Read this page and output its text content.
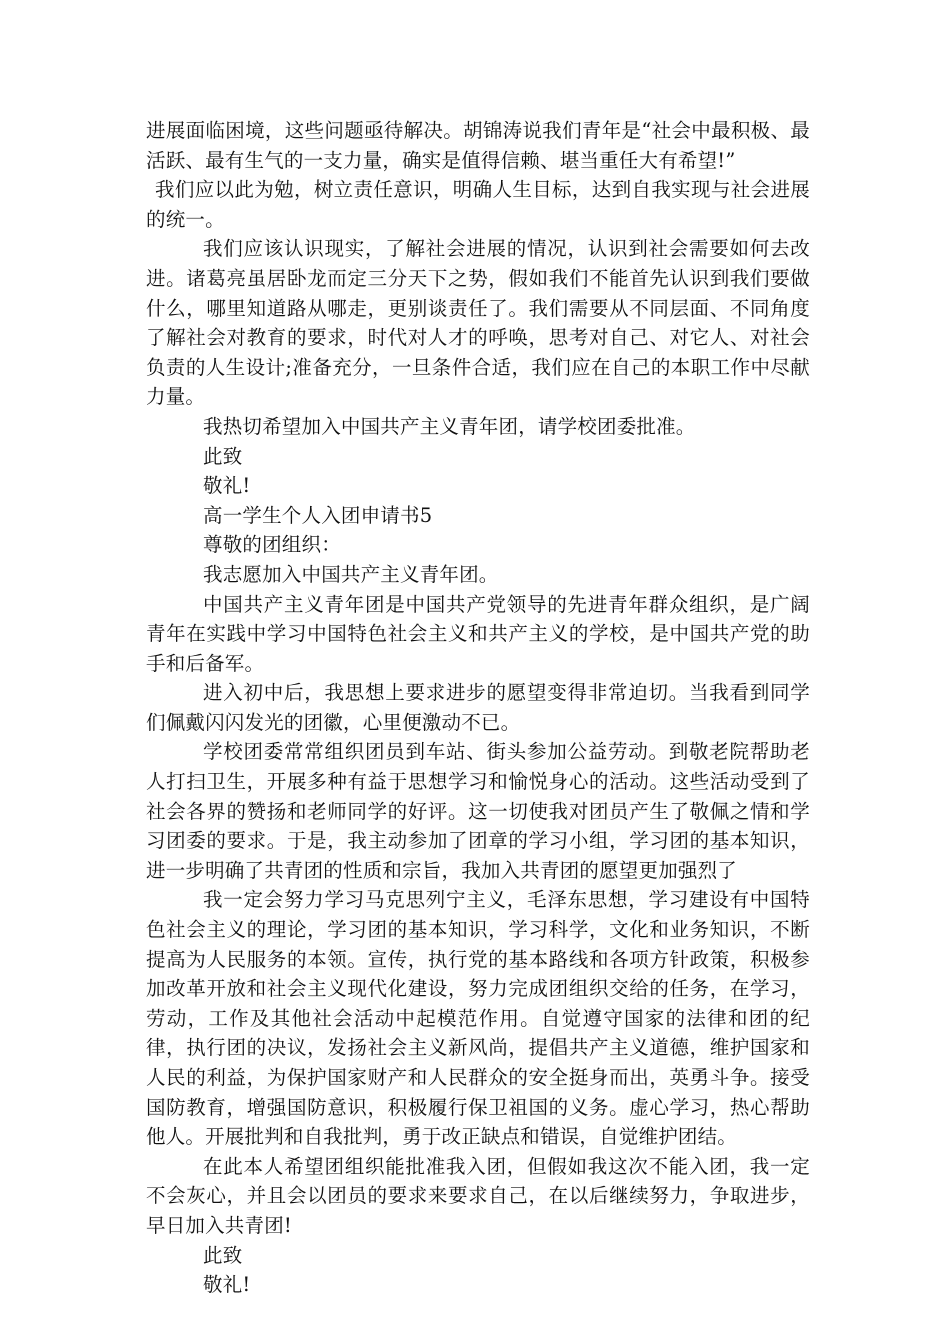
进展面临困境，这些问题亟待解决。胡锦涛说我们青年是“社会中最积极、最活跃、最有生气的一支力量，确实是值得信赖、堪当重任大有希望!”

我们应以此为勉，树立责任意识，明确人生目标，达到自我实现与社会进展的统一。

我们应该认识现实，了解社会进展的情况，认识到社会需要如何去改进。诸葛亮虽居卧龙而定三分天下之势，假如我们不能首先认识到我们要做什么，哪里知道路从哪走，更别谈责任了。我们需要从不同层面、不同角度了解社会对教育的要求，时代对人才的呼唤，思考对自己、对它人、对社会负责的人生设计;准备充分，一旦条件合适，我们应在自己的本职工作中尽献力量。

我热切希望加入中国共产主义青年团，请学校团委批准。

此致

敬礼!

高一学生个人入团申请书5

尊敬的团组织：

我志愿加入中国共产主义青年团。

中国共产主义青年团是中国共产党领导的先进青年群众组织，是广阔青年在实践中学习中国特色社会主义和共产主义的学校，是中国共产党的助手和后备军。

进入初中后，我思想上要求进步的愿望变得非常迫切。当我看到同学们佩戴闪闪发光的团徽，心里便激动不已。

学校团委常常组织团员到车站、街头参加公益劳动。到敬老院帮助老人打扫卫生，开展多种有益于思想学习和愉悦身心的活动。这些活动受到了社会各界的赞扬和老师同学的好评。这一切使我对团员产生了敬佩之情和学习团委的要求。于是，我主动参加了团章的学习小组，学习团的基本知识，进一步明确了共青团的性质和宗旨，我加入共青团的愿望更加强烈了

我一定会努力学习马克思列宁主义，毛泽东思想，学习建设有中国特色社会主义的理论，学习团的基本知识，学习科学，文化和业务知识，不断提高为人民服务的本领。宣传，执行党的基本路线和各项方针政策，积极参加改革开放和社会主义现代化建设，努力完成团组织交给的任务，在学习，劳动，工作及其他社会活动中起模范作用。自觉遵守国家的法律和团的纪律，执行团的决议，发扬社会主义新风尚，提倡共产主义道德，维护国家和人民的利益，为保护国家财产和人民群众的安全挺身而出，英勇斗争。接受国防教育，增强国防意识，积极履行保卫祖国的义务。虚心学习，热心帮助他人。开展批判和自我批判，勇于改正缺点和错误，自觉维护团结。

在此本人希望团组织能批准我入团，但假如我这次不能入团，我一定不会灰心，并且会以团员的要求来要求自己，在以后继续努力，争取进步，早日加入共青团!

此致

敬礼!
